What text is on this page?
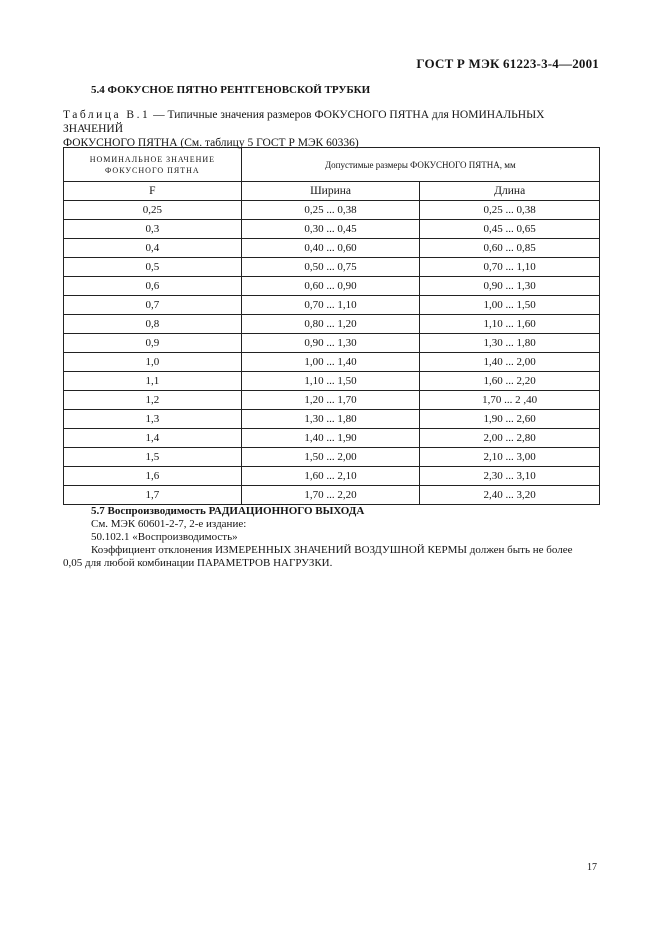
ГОСТ Р МЭК 61223-3-4—2001
5.4 ФОКУСНОЕ ПЯТНО РЕНТГЕНОВСКОЙ ТРУБКИ
Таблица В.1 — Типичные значения размеров ФОКУСНОГО ПЯТНА для НОМИНАЛЬНЫХ ЗНАЧЕНИЙ
ФОКУСНОГО ПЯТНА (См. таблицу 5 ГОСТ Р МЭК 60336)
НОМИНАЛЬНОЕ ЗНАЧЕНИЕ
ФОКУСНОГО ПЯТНА	Допустимые размеры ФОКУСНОГО ПЯТНА, мм	
F	Ширина	Длина
0,25	0,25 ... 0,38	0,25 ... 0,38
0,3	0,30 ... 0,45	0,45 ... 0,65
0,4	0,40 ... 0,60	0,60 ... 0,85
0,5	0,50 ... 0,75	0,70 ... 1,10
0,6	0,60 ... 0,90	0,90 ... 1,30
0,7	0,70 ... 1,10	1,00 ... 1,50
0,8	0,80 ... 1,20	1,10 ... 1,60
0,9	0,90 ... 1,30	1,30 ... 1,80
1,0	1,00 ... 1,40	1,40 ... 2,00
1,1	1,10 ... 1,50	1,60 ... 2,20
1,2	1,20 ... 1,70	1,70 ... 2 ,40
1,3	1,30 ... 1,80	1,90 ... 2,60
1,4	1,40 ... 1,90	2,00 ... 2,80
1,5	1,50 ... 2,00	2,10 ... 3,00
1,6	1,60 ... 2,10	2,30 ... 3,10
1,7	1,70 ... 2,20	2,40 ... 3,20
5.7 Воспроизводимость РАДИАЦИОННОГО ВЫХОДА
См. МЭК 60601-2-7, 2-е издание:
50.102.1 «Воспроизводимость»
Коэффициент отклонения ИЗМЕРЕННЫХ ЗНАЧЕНИЙ ВОЗДУШНОЙ КЕРМЫ должен быть не более
0,05 для любой комбинации ПАРАМЕТРОВ НАГРУЗКИ.
17
